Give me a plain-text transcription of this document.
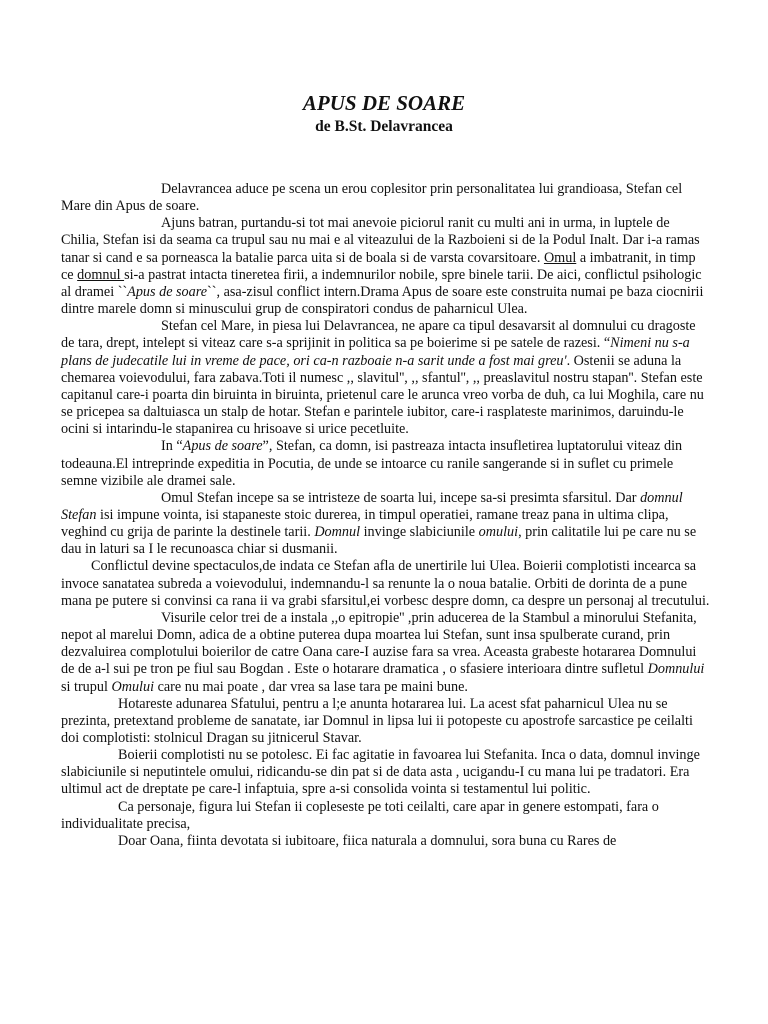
APUS DE SOARE
de B.St. Delavrancea

Delavrancea aduce pe scena un erou coplesitor prin personalitatea lui grandioasa, Stefan cel Mare din Apus de soare.

Ajuns batran, purtandu-si tot mai anevoie piciorul ranit cu multi ani in urma, in luptele de Chilia, Stefan isi da seama ca trupul sau nu mai e al viteazului de la Razboieni si de la Podul Inalt. Dar i-a ramas tanar si cand e sa porneasca la batalie parca uita si de boala si de varsta covarsitoare. Omul a imbatranit, in timp ce domnul si-a pastrat intacta tineretea firii, a indemnurilor nobile, spre binele tarii. De aici, conflictul psihologic al dramei ``Apus de soare``, asa-zisul conflict intern.Drama Apus de soare este construita numai pe baza ciocnirii dintre marele domn si minuscului grup de conspiratori condus de paharnicul Ulea.

Stefan cel Mare, in piesa lui Delavrancea, ne apare ca tipul desavarsit al domnului cu dragoste de tara, drept, intelept si viteaz care s-a sprijinit in politica sa pe boierime si pe satele de razesi. “Nimeni nu s-a plans de judecatile lui in vreme de pace, ori ca-n razboaie n-a sarit unde a fost mai greu'. Ostenii se aduna la chemarea voievodului, fara zabava.Toti il numesc ,, slavitul'', ,, sfantul'', ,, preaslavitul nostru stapan''. Stefan este capitanul care-i poarta din biruinta in biruinta, prietenul care le arunca vreo vorba de duh, ca lui Moghila, care nu se pricepea sa daltuiasca un stalp de hotar. Stefan e parintele iubitor, care-i rasplateste marinimos, daruindu-le ocini si intarindu-le stapanirea cu hrisoave si urice pecetluite.

In “Apus de soare”, Stefan, ca domn, isi pastreaza intacta insufletirea luptatorului viteaz din todeauna.El intreprinde expeditia in Pocutia, de unde se intoarce cu ranile sangerande si in suflet cu primele semne vizibile ale dramei sale.

Omul Stefan incepe sa se intristeze de soarta lui, incepe sa-si presimta sfarsitul. Dar domnul Stefan isi impune vointa, isi stapaneste stoic durerea, in timpul operatiei, ramane treaz pana in ultima clipa, veghind cu grija de parinte la destinele tarii. Domnul invinge slabiciunile omului, prin calitatile lui pe care nu se dau in laturi sa I le recunoasca chiar si dusmanii.

Conflictul devine spectaculos,de indata ce Stefan afla de unertirile lui Ulea. Boierii complotisti incearca sa invoce sanatatea subreda a voievodului, indemnandu-l sa renunte la o noua batalie. Orbiti de dorinta de a pune mana pe putere si convinsi ca rana ii va grabi sfarsitul,ei vorbesc despre domn, ca despre un personaj al trecutului.

Visurile celor trei de a instala ,,o epitropie'' ,prin aducerea de la Stambul a minorului Stefanita, nepot al marelui Domn, adica de a obtine puterea dupa moartea lui Stefan, sunt insa spulberate curand, prin dezvaluirea complotului boierilor de catre Oana care-I auzise fara sa vrea. Aceasta grabeste hotararea Domnului de de a-l sui pe tron pe fiul sau Bogdan . Este o hotarare dramatica , o sfasiere interioara dintre sufletul Domnului si trupul Omului care nu mai poate , dar vrea sa lase tara pe maini bune.

Hotareste adunarea Sfatului, pentru a l;e anunta hotararea lui. La acest sfat paharnicul Ulea nu se prezinta, pretextand probleme de sanatate, iar Domnul in lipsa lui ii potopeste cu apostrofe sarcastice pe ceilalti doi complotisti: stolnicul Dragan su jitnicerul Stavar.

Boierii complotisti nu se potolesc. Ei fac agitatie in favoarea lui Stefanita. Inca o data, domnul invinge slabiciunile si neputintele omului, ridicandu-se din pat si de data asta , ucigandu-I cu mana lui pe tradatori. Era ultimul act de dreptate pe care-l infaptuia, spre a-si consolida vointa si testamentul lui politic.

Ca personaje, figura lui Stefan ii copleseste pe toti ceilalti, care apar in genere estompati, fara o individualitate precisa,

Doar Oana, fiinta devotata si iubitoare, fiica naturala a domnului, sora buna cu Rares de
